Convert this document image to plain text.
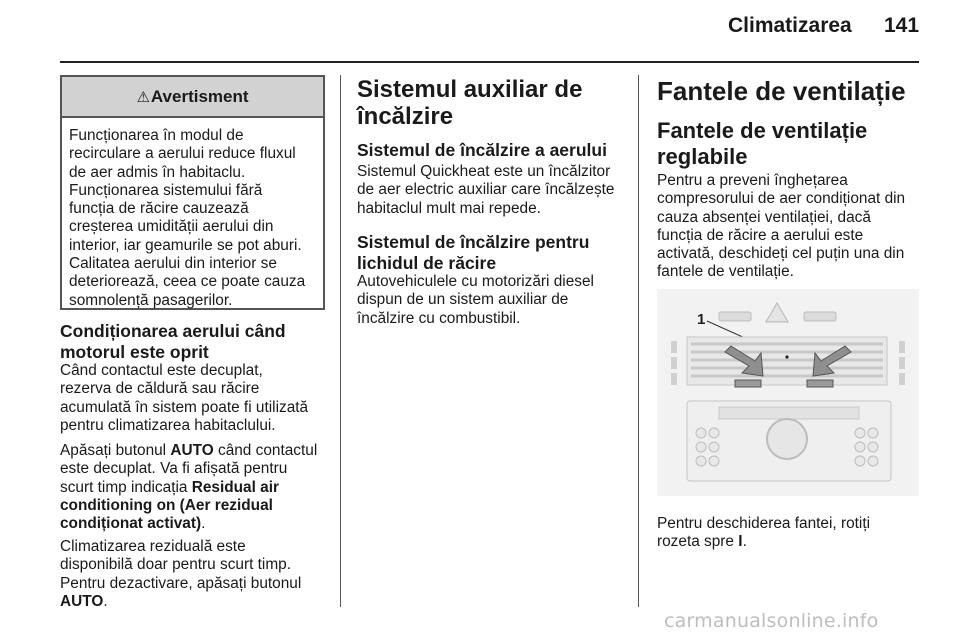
Climatizarea 141
⚠Avertisment
Funcționarea în modul de
recirculare a aerului reduce fluxul
de aer admis în habitaclu.
Funcționarea sistemului fără
funcția de răcire cauzează
creșterea umidității aerului din
interior, iar geamurile se pot aburi.
Calitatea aerului din interior se
deteriorează, ceea ce poate cauza
somnolență pasagerilor.
Condiționarea aerului când
motorul este oprit
Când contactul este decuplat,
rezerva de căldură sau răcire
acumulată în sistem poate fi utilizată
pentru climatizarea habitaclului.
Apăsați butonul AUTO când contactul
este decuplat. Va fi afișată pentru
scurt timp indicația Residual air
conditioning on (Aer rezidual
condiționat activat).
Climatizarea reziduală este
disponibilă doar pentru scurt timp.
Pentru dezactivare, apăsați butonul
AUTO.
Sistemul auxiliar de
încălzire
Sistemul de încălzire a aerului
Sistemul Quickheat este un încălzitor
de aer electric auxiliar care încălzește
habitaclul mult mai repede.
Sistemul de încălzire pentru
lichidul de răcire
Autovehiculele cu motorizări diesel
dispun de un sistem auxiliar de
încălzire cu combustibil.
Fantele de ventilație
Fantele de ventilație
reglabile
Pentru a preveni înghețarea
compresorului de aer condiționat din
cauza absenței ventilației, dacă
funcția de răcire a aerului este
activată, deschideți cel puțin una din
fantele de ventilație.
1
Pentru deschiderea fantei, rotiți
rozeta spre I.
carmanualsonline.info
